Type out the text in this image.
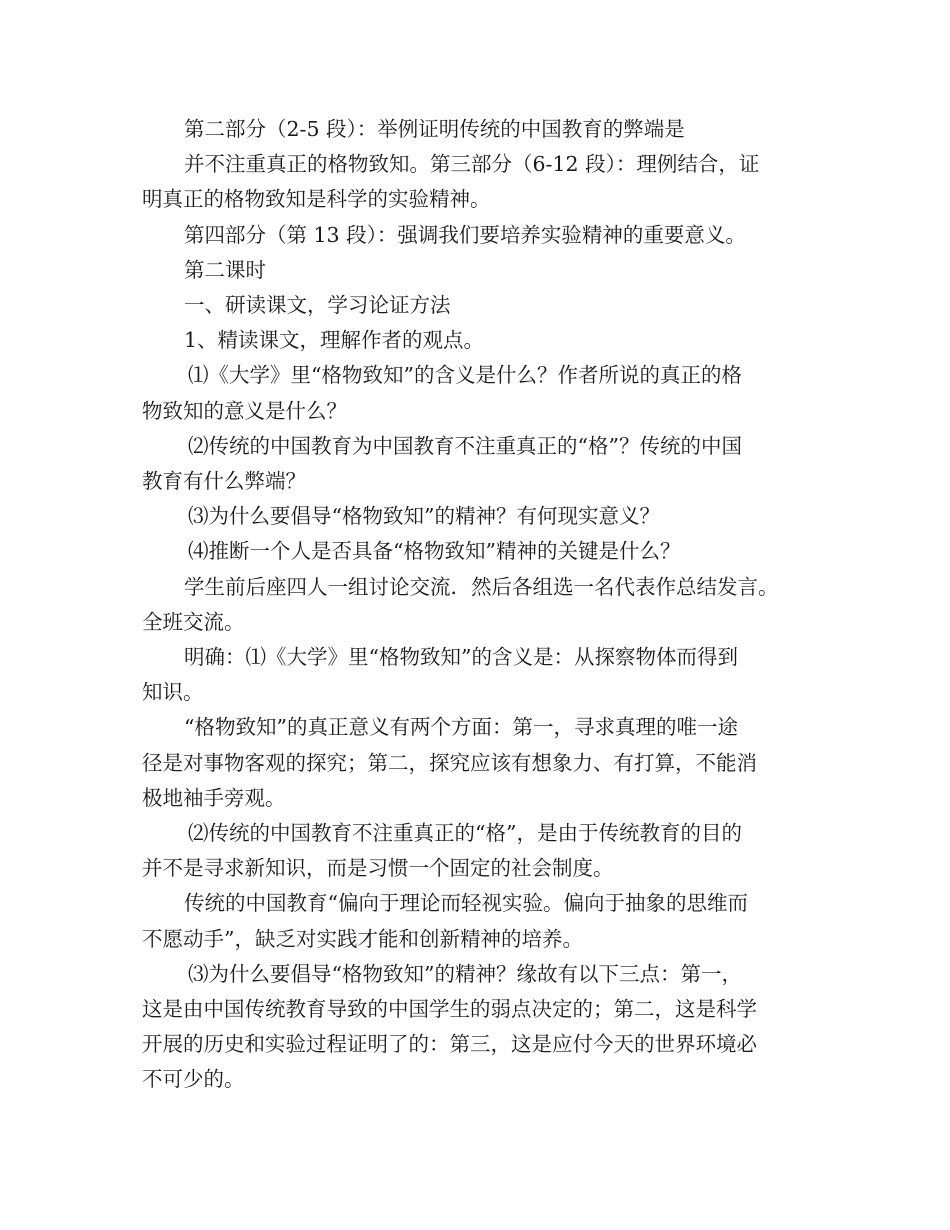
第二部分（2-5 段）：举例证明传统的中国教育的弊端是
并不注重真正的格物致知。第三部分（6-12 段）：理例结合，证
明真正的格物致知是科学的实验精神。
第四部分（第 13 段）：强调我们要培养实验精神的重要意义。
第二课时
一、研读课文，学习论证方法
1、精读课文，理解作者的观点。
⑴《大学》里“格物致知”的含义是什么？作者所说的真正的格
物致知的意义是什么？
⑵传统的中国教育为中国教育不注重真正的“格”？传统的中国
教育有什么弊端？
⑶为什么要倡导“格物致知”的精神？有何现实意义？
⑷推断一个人是否具备“格物致知”精神的关键是什么？
学生前后座四人一组讨论交流．然后各组选一名代表作总结发言。
全班交流。
明确：⑴《大学》里“格物致知”的含义是：从探察物体而得到
知识。
“格物致知”的真正意义有两个方面：第一，寻求真理的唯一途
径是对事物客观的探究；第二，探究应该有想象力、有打算，不能消
极地袖手旁观。
⑵传统的中国教育不注重真正的“格”，是由于传统教育的目的
并不是寻求新知识，而是习惯一个固定的社会制度。
传统的中国教育“偏向于理论而轻视实验。偏向于抽象的思维而
不愿动手”，缺乏对实践才能和创新精神的培养。
⑶为什么要倡导“格物致知”的精神？缘故有以下三点：第一，
这是由中国传统教育导致的中国学生的弱点决定的；第二，这是科学
开展的历史和实验过程证明了的：第三，这是应付今天的世界环境必
不可少的。
